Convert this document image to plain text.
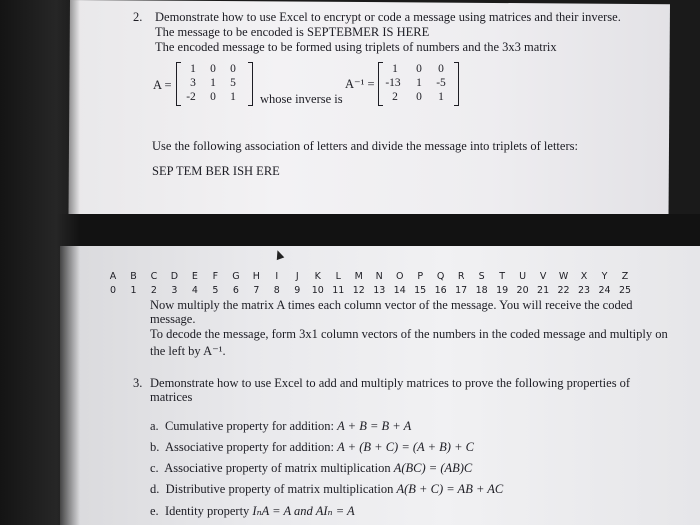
2. Demonstrate how to use Excel to encrypt or code a message using matrices and their inverse.
The message to be encoded is SEPTEBMER IS HERE
The encoded message to be formed using triplets of numbers and the 3x3 matrix
A =
1	0	0
3	1	5
-2	0	1	whose inverse is
A⁻¹ =
1	0	0
-13	1	-5
2	0	1
Use the following association of letters and divide the message into triplets of letters:
SEP TEM BER ISH ERE
A	B	C	D	E	F	G	H	I	J	K	L	M	N	O	P	Q	R	S	T	U	V	W	X	Y	Z
0	1	2	3	4	5	6	7	8	9	10 11 12 13 14 15 16 17 18 19 20 21 22 23 24 25
Now multiply the matrix A times each column vector of the message. You will receive the coded
message.
To decode the message, form 3x1 column vectors of the numbers in the coded message and multiply on
the left by A⁻¹.
3. Demonstrate how to use Excel to add and multiply matrices to prove the following properties of
matrices
a. Cumulative property for addition: A + B = B + A
b. Associative property for addition: A + (B + C) = (A + B) + C
c. Associative property of matrix multiplication A(BC) = (AB)C
d. Distributive property of matrix multiplication A(B + C) = AB + AC
e. Identity property IₙA = A and AIₙ = A
